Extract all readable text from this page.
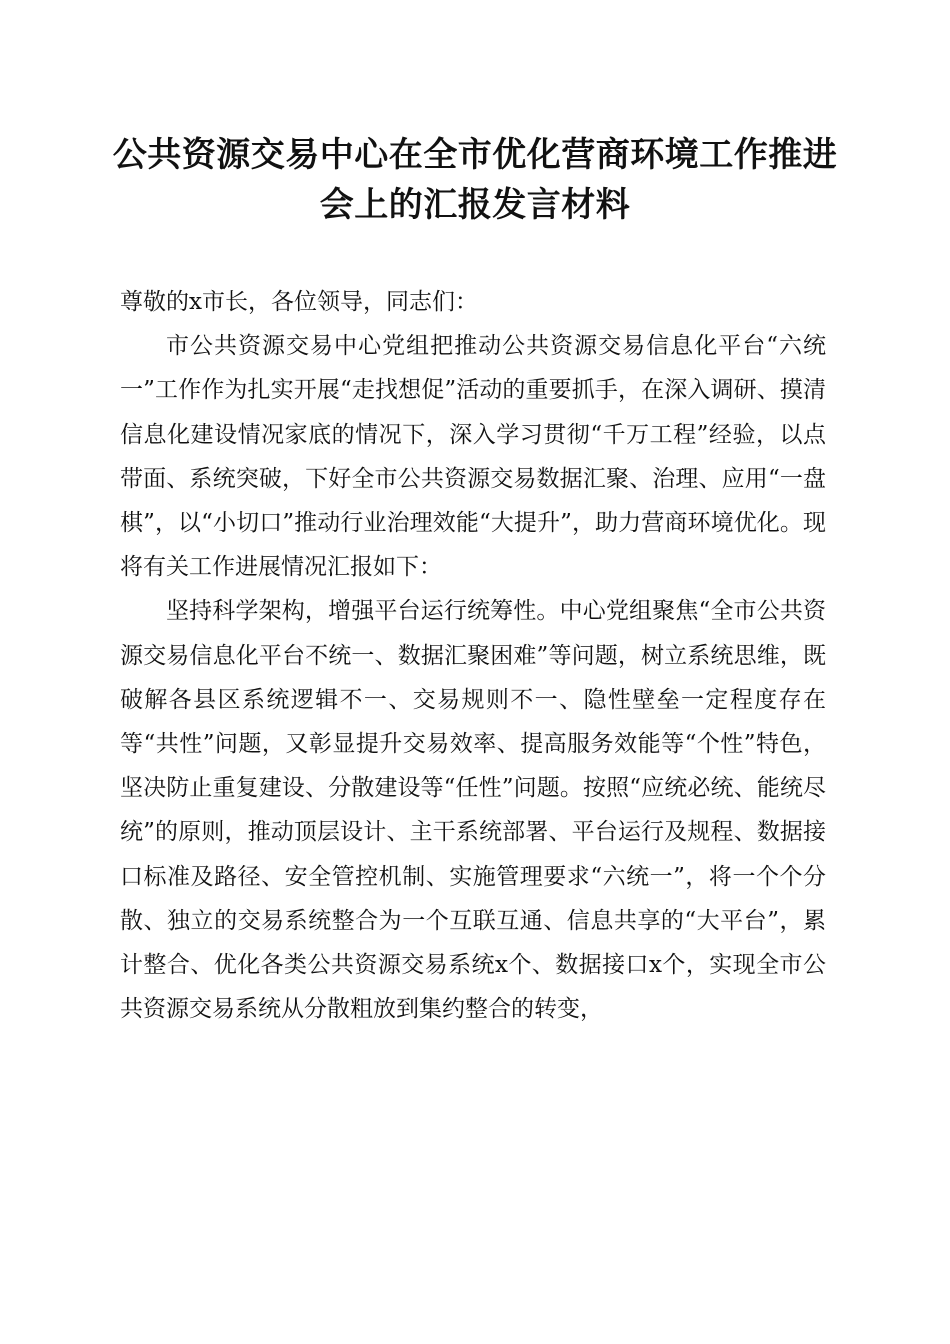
公共资源交易中心在全市优化营商环境工作推进会上的汇报发言材料

尊敬的x市长，各位领导，同志们：

市公共资源交易中心党组把推动公共资源交易信息化平台“六统一”工作作为扎实开展“走找想促”活动的重要抓手，在深入调研、摸清信息化建设情况家底的情况下，深入学习贯彻“千万工程”经验，以点带面、系统突破，下好全市公共资源交易数据汇聚、治理、应用“一盘棋”，以“小切口”推动行业治理效能“大提升”，助力营商环境优化。现将有关工作进展情况汇报如下：

坚持科学架构，增强平台运行统筹性。中心党组聚焦“全市公共资源交易信息化平台不统一、数据汇聚困难”等问题，树立系统思维，既破解各县区系统逻辑不一、交易规则不一、隐性壁垒一定程度存在等“共性”问题，又彰显提升交易效率、提高服务效能等“个性”特色，坚决防止重复建设、分散建设等“任性”问题。按照“应统必统、能统尽统”的原则，推动顶层设计、主干系统部署、平台运行及规程、数据接口标准及路径、安全管控机制、实施管理要求“六统一”，将一个个分散、独立的交易系统整合为一个互联互通、信息共享的“大平台”，累计整合、优化各类公共资源交易系统x个、数据接口x个，实现全市公共资源交易系统从分散粗放到集约整合的转变，
